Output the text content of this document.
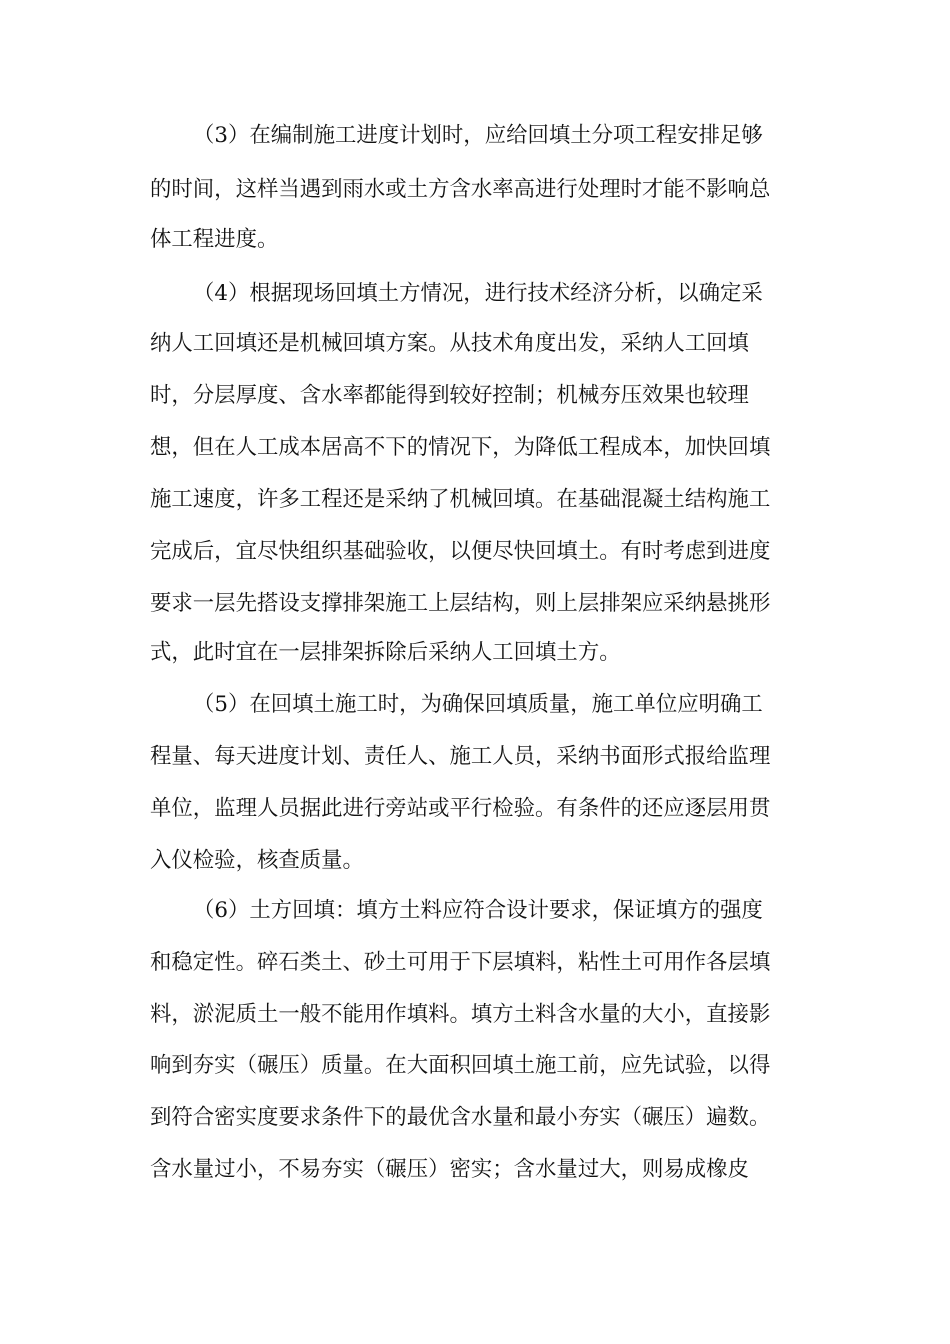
（3）在编制施工进度计划时，应给回填土分项工程安排足够

的时间，这样当遇到雨水或土方含水率高进行处理时才能不影响总

体工程进度。

（4）根据现场回填土方情况，进行技术经济分析，以确定采

纳人工回填还是机械回填方案。从技术角度出发，采纳人工回填

时，分层厚度、含水率都能得到较好控制；机械夯压效果也较理

想，但在人工成本居高不下的情况下，为降低工程成本，加快回填

施工速度，许多工程还是采纳了机械回填。在基础混凝土结构施工

完成后，宜尽快组织基础验收，以便尽快回填土。有时考虑到进度

要求一层先搭设支撑排架施工上层结构，则上层排架应采纳悬挑形

式，此时宜在一层排架拆除后采纳人工回填土方。

（5）在回填土施工时，为确保回填质量，施工单位应明确工

程量、每天进度计划、责任人、施工人员，采纳书面形式报给监理

单位，监理人员据此进行旁站或平行检验。有条件的还应逐层用贯

入仪检验，核查质量。

（6）土方回填：填方土料应符合设计要求，保证填方的强度

和稳定性。碎石类土、砂土可用于下层填料，粘性土可用作各层填

料，淤泥质土一般不能用作填料。填方土料含水量的大小，直接影

响到夯实（碾压）质量。在大面积回填土施工前，应先试验，以得

到符合密实度要求条件下的最优含水量和最小夯实（碾压）遍数。

含水量过小，不易夯实（碾压）密实；含水量过大，则易成橡皮
